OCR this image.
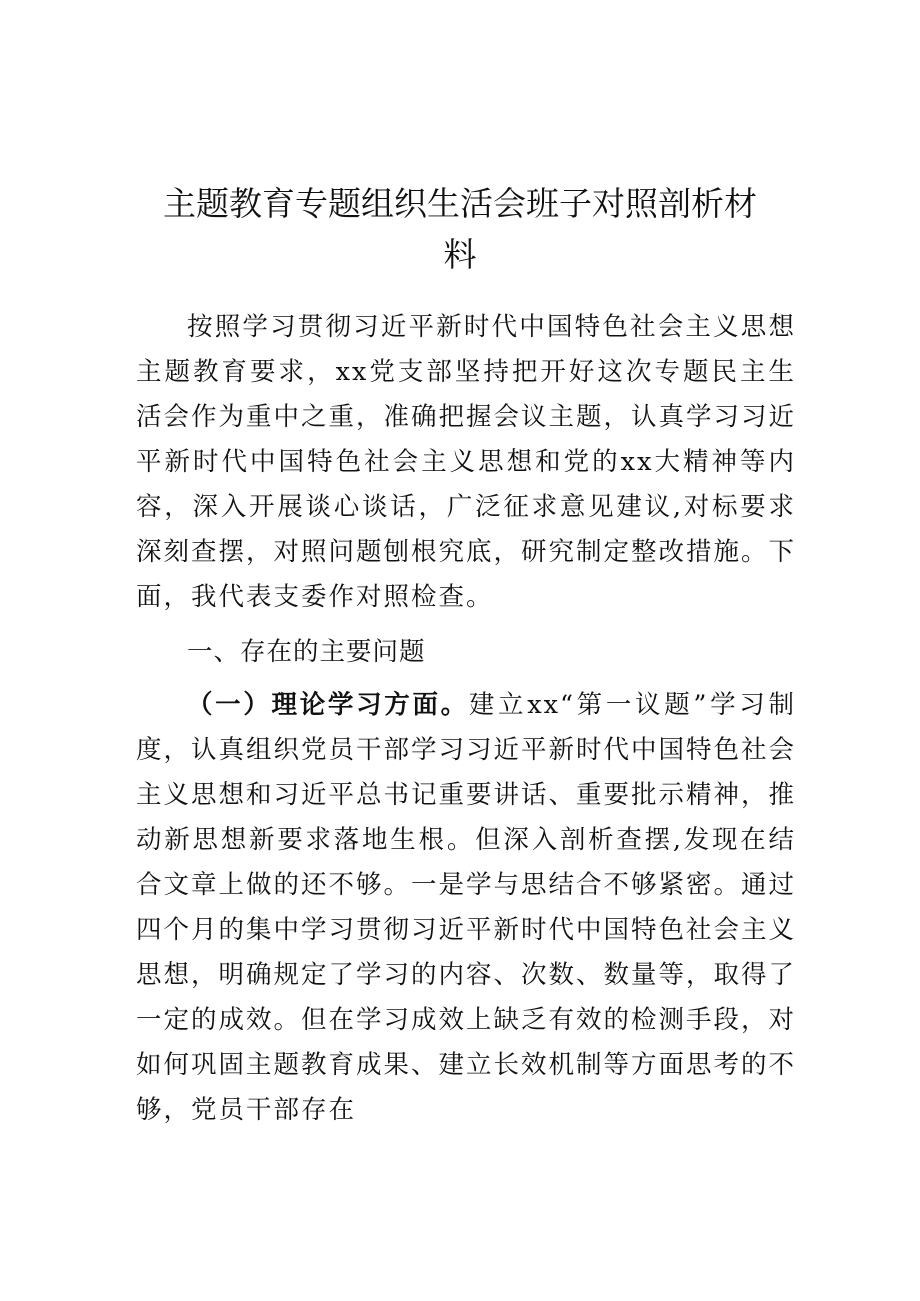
主题教育专题组织生活会班子对照剖析材料

按照学习贯彻习近平新时代中国特色社会主义思想主题教育要求，xx党支部坚持把开好这次专题民主生活会作为重中之重，准确把握会议主题，认真学习习近平新时代中国特色社会主义思想和党的xx大精神等内容，深入开展谈心谈话，广泛征求意见建议,对标要求深刻查摆，对照问题刨根究底，研究制定整改措施。下面，我代表支委作对照检查。

一、存在的主要问题

（一）理论学习方面。建立xx“第一议题”学习制度，认真组织党员干部学习习近平新时代中国特色社会主义思想和习近平总书记重要讲话、重要批示精神，推动新思想新要求落地生根。但深入剖析查摆,发现在结合文章上做的还不够。一是学与思结合不够紧密。通过四个月的集中学习贯彻习近平新时代中国特色社会主义思想，明确规定了学习的内容、次数、数量等，取得了一定的成效。但在学习成效上缺乏有效的检测手段，对如何巩固主题教育成果、建立长效机制等方面思考的不够，党员干部存在
